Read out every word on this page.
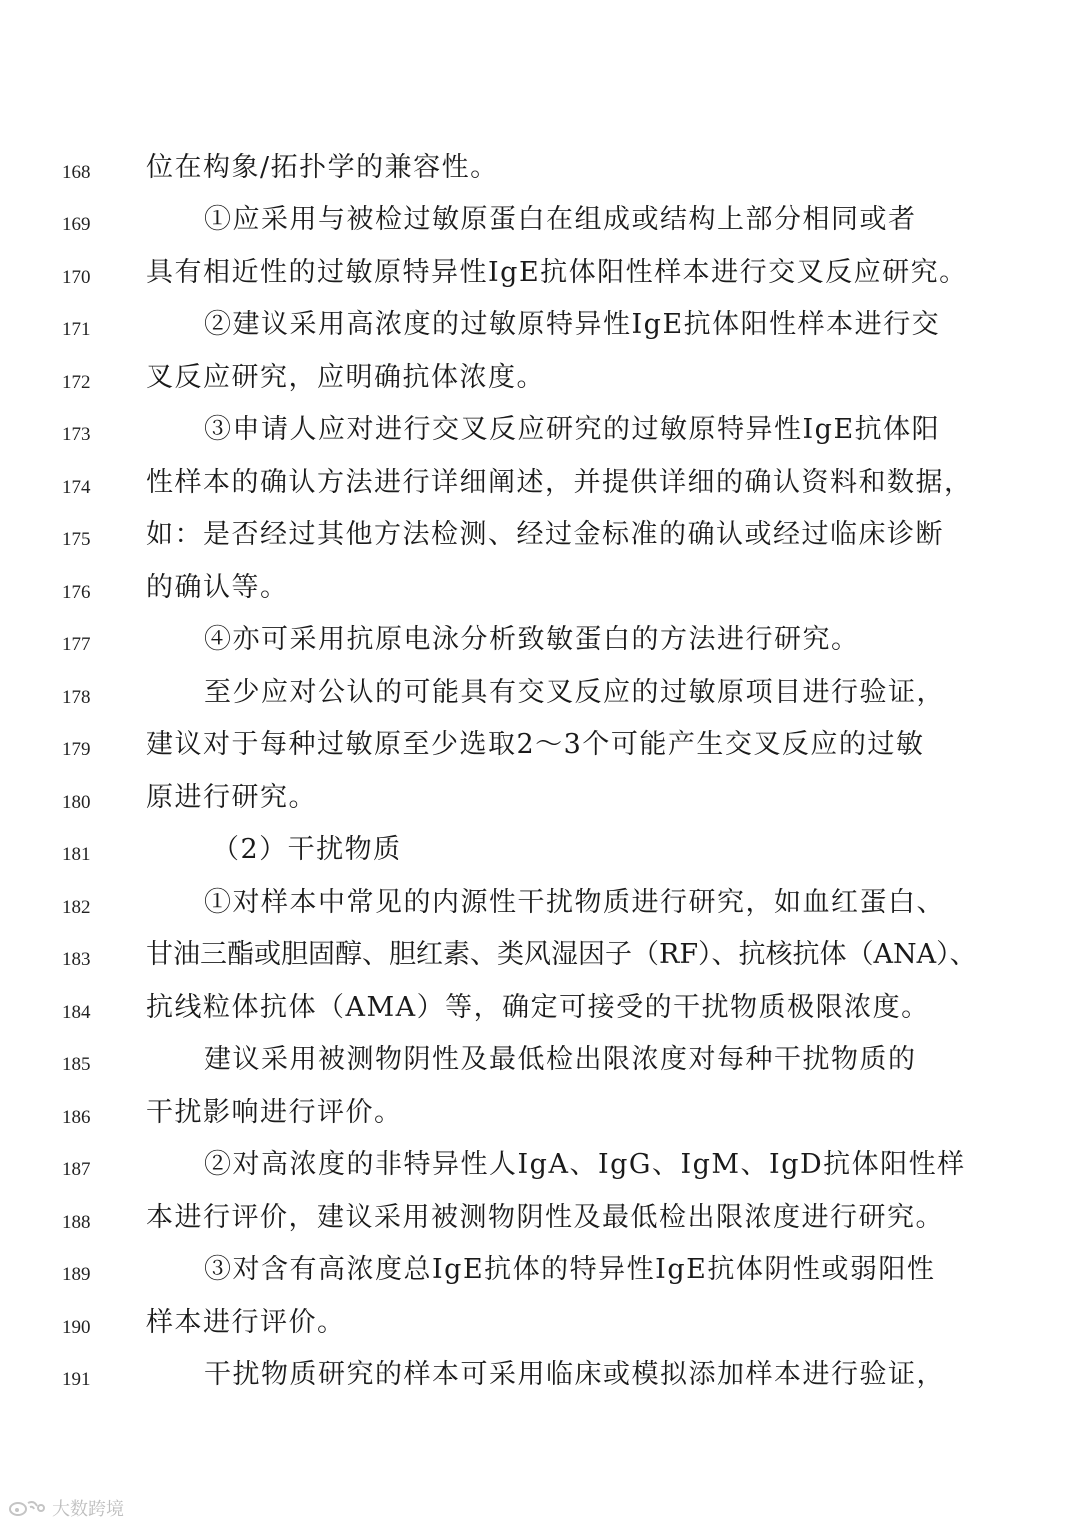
168	位在构象/拓扑学的兼容性。
169	①应采用与被检过敏原蛋白在组成或结构上部分相同或者
170	具有相近性的过敏原特异性IgE抗体阳性样本进行交叉反应研究。
171	②建议采用高浓度的过敏原特异性IgE抗体阳性样本进行交
172	叉反应研究，应明确抗体浓度。
173	③申请人应对进行交叉反应研究的过敏原特异性IgE抗体阳
174	性样本的确认方法进行详细阐述，并提供详细的确认资料和数据，
175	如：是否经过其他方法检测、经过金标准的确认或经过临床诊断
176	的确认等。
177	④亦可采用抗原电泳分析致敏蛋白的方法进行研究。
178	至少应对公认的可能具有交叉反应的过敏原项目进行验证，
179	建议对于每种过敏原至少选取2～3个可能产生交叉反应的过敏
180	原进行研究。
181	（2）干扰物质
182	①对样本中常见的内源性干扰物质进行研究，如血红蛋白、
183	甘油三酯或胆固醇、胆红素、类风湿因子（RF）、抗核抗体（ANA）、
184	抗线粒体抗体（AMA）等，确定可接受的干扰物质极限浓度。
185	建议采用被测物阴性及最低检出限浓度对每种干扰物质的
186	干扰影响进行评价。
187	②对高浓度的非特异性人IgA、IgG、IgM、IgD抗体阳性样
188	本进行评价，建议采用被测物阴性及最低检出限浓度进行研究。
189	③对含有高浓度总IgE抗体的特异性IgE抗体阴性或弱阳性
190	样本进行评价。
191	干扰物质研究的样本可采用临床或模拟添加样本进行验证，
大数跨境
